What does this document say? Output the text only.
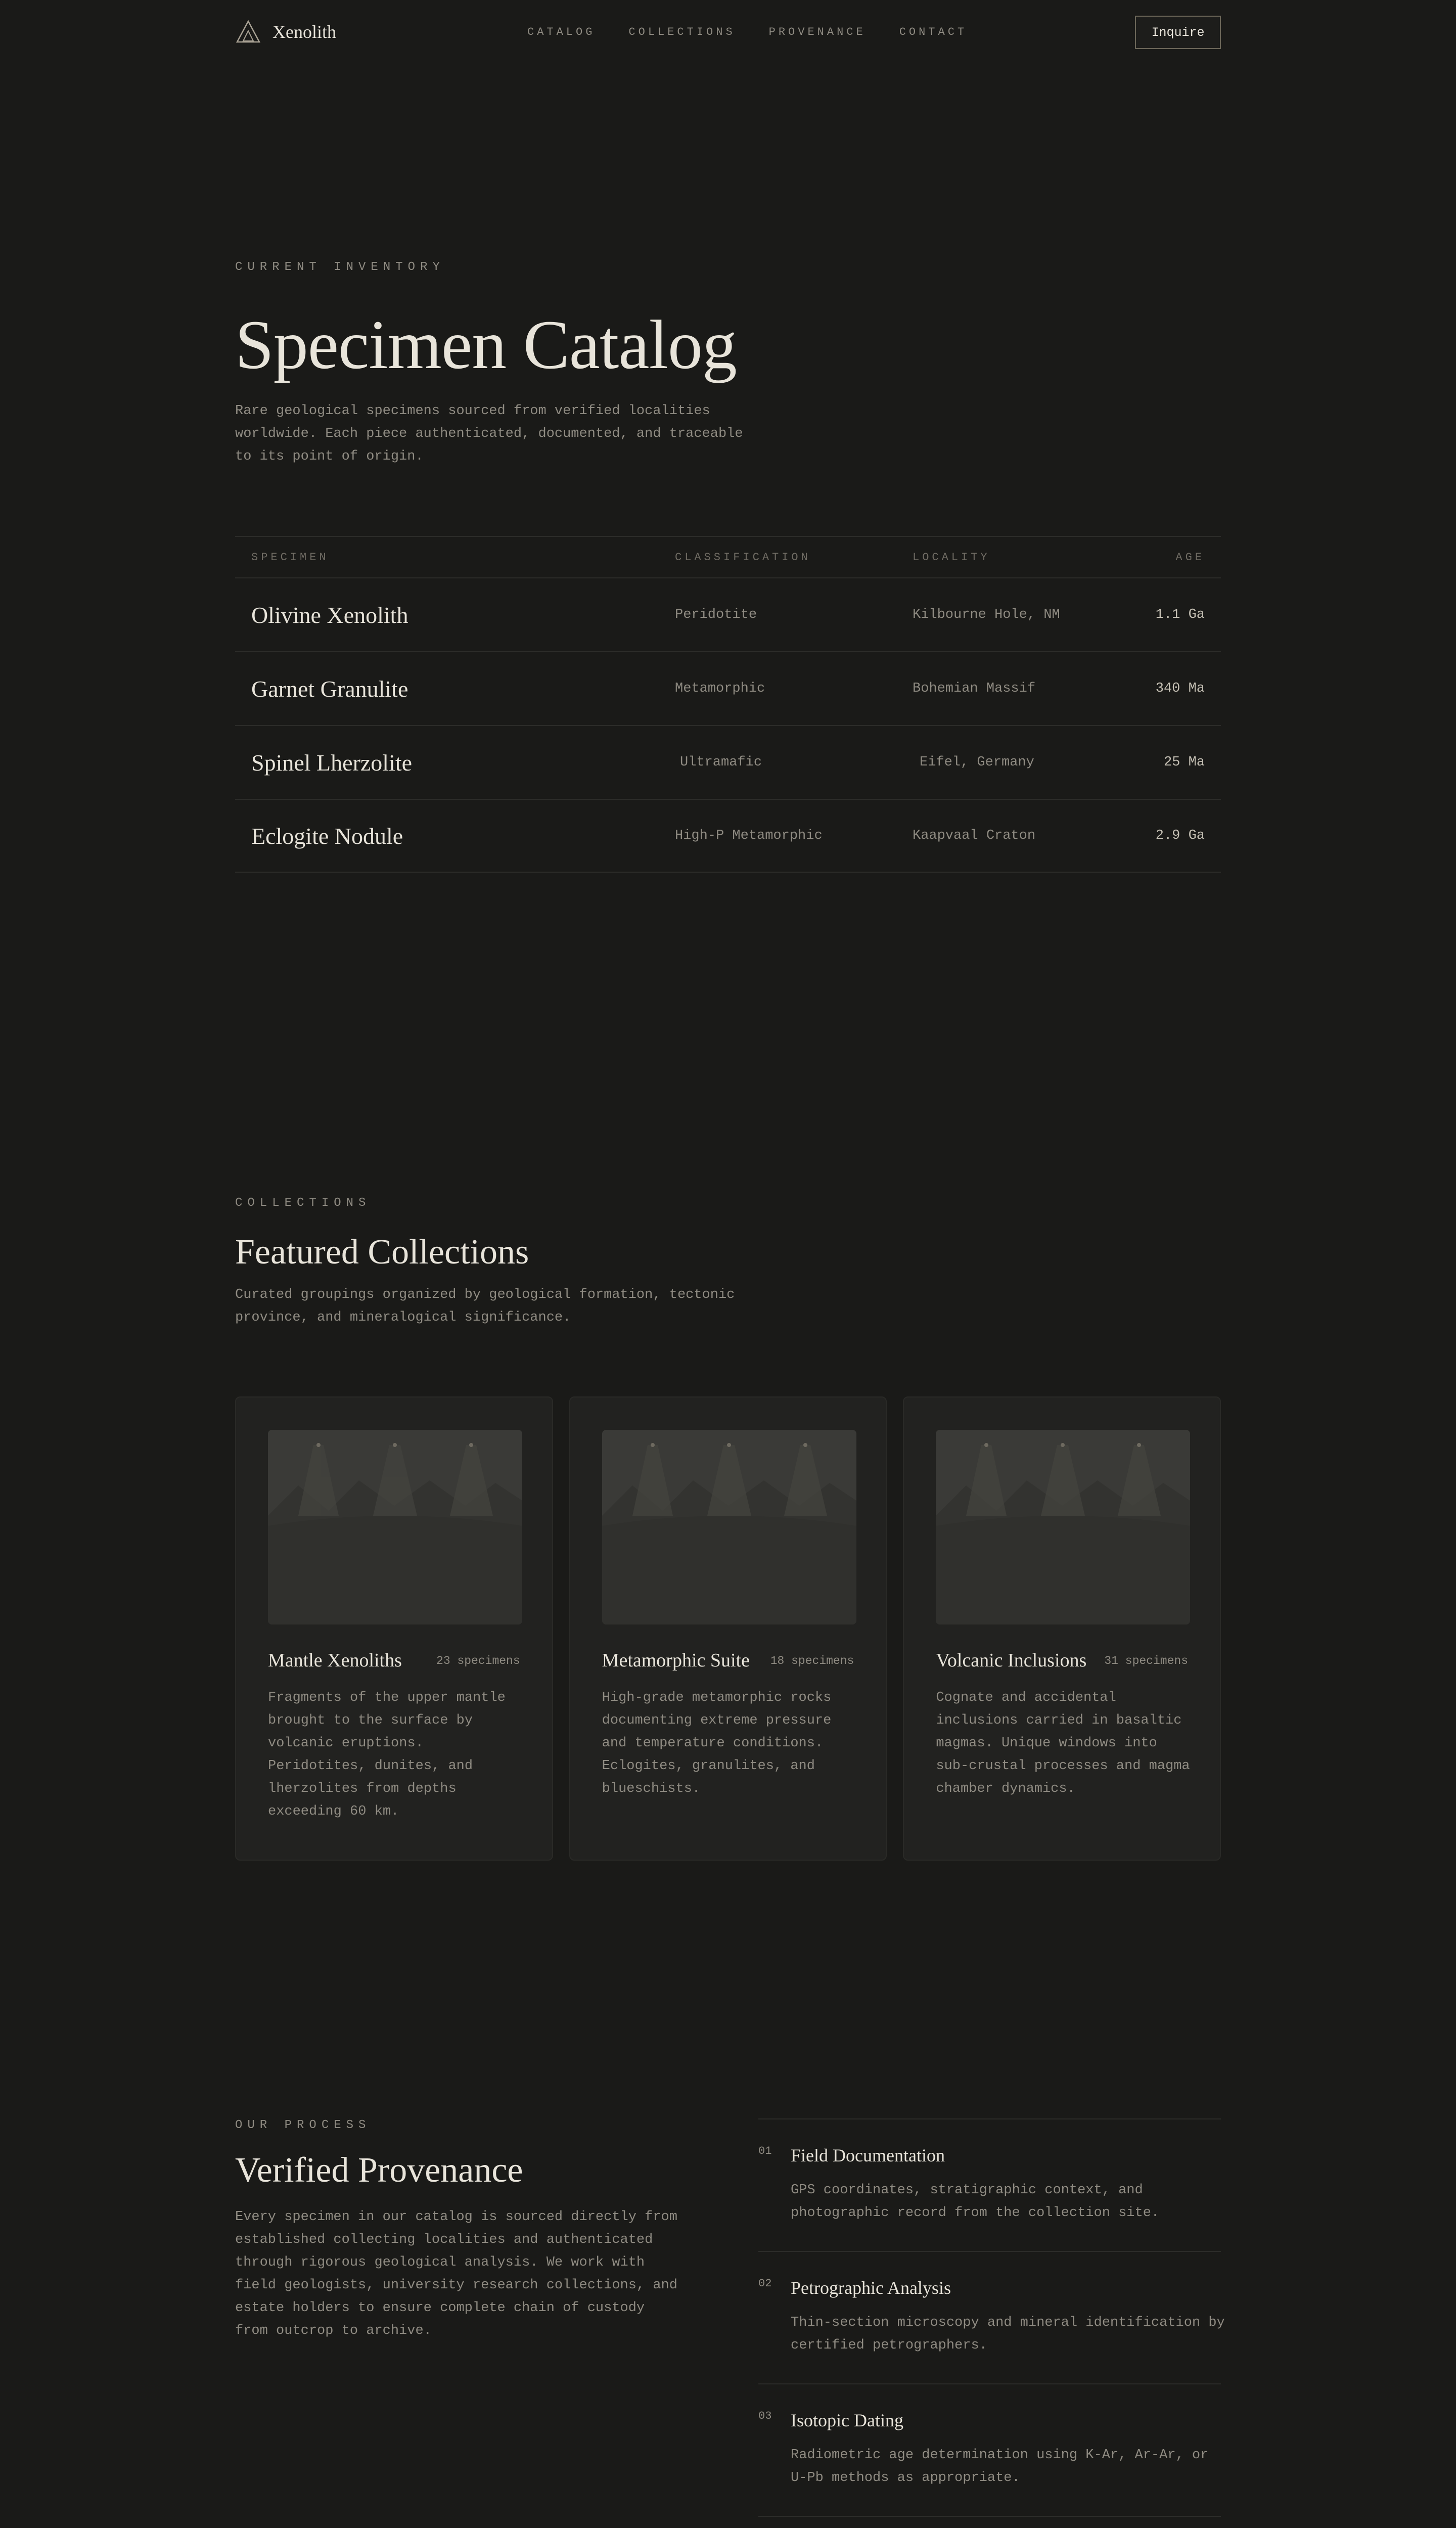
Xenolith	CATALOG	COLLECTIONS	PROVENANCE	CONTACT	Inquire
CURRENT INVENTORY
Specimen Catalog

Rare geological specimens sourced from verified localities worldwide. Each piece authenticated, documented, and traceable to its point of origin.

SPECIMEN	CLASSIFICATION	LOCALITY	AGE
Olivine Xenolith	Peridotite	Kilbourne Hole, NM	1.1 Ga
Garnet Granulite	Metamorphic	Bohemian Massif	340 Ma
Spinel Lherzolite	Ultramafic	Eifel, Germany	25 Ma
Eclogite Nodule	High-P Metamorphic	Kaapvaal Craton	2.9 Ga
COLLECTIONS
Featured Collections

Curated groupings organized by geological formation, tectonic province, and mineralogical significance.

Mantle Xenoliths	23 specimens
Fragments of the upper mantle brought to the surface by volcanic eruptions. Peridotites, dunites, and lherzolites from depths exceeding 60 km.
Metamorphic Suite 18 specimens
High-grade metamorphic rocks documenting extreme pressure and temperature conditions. Eclogites, granulites, and blueschists.
Volcanic Inclusions 31 specimens
Cognate and accidental inclusions carried in basaltic magmas. Unique windows into sub-crustal processes and magma chamber dynamics.
OUR PROCESS
Verified Provenance

Every specimen in our catalog is sourced directly from established collecting localities and authenticated through rigorous geological analysis. We work with field geologists, university research collections, and estate holders to ensure complete chain of custody from outcrop to archive.

01 Field Documentation
GPS coordinates, stratigraphic context, and photographic record from the collection site.
02 Petrographic Analysis
Thin-section microscopy and mineral identification by certified petrographers.
03 Isotopic Dating
Radiometric age determination using K-Ar, Ar-Ar, or U-Pb methods as appropriate.
